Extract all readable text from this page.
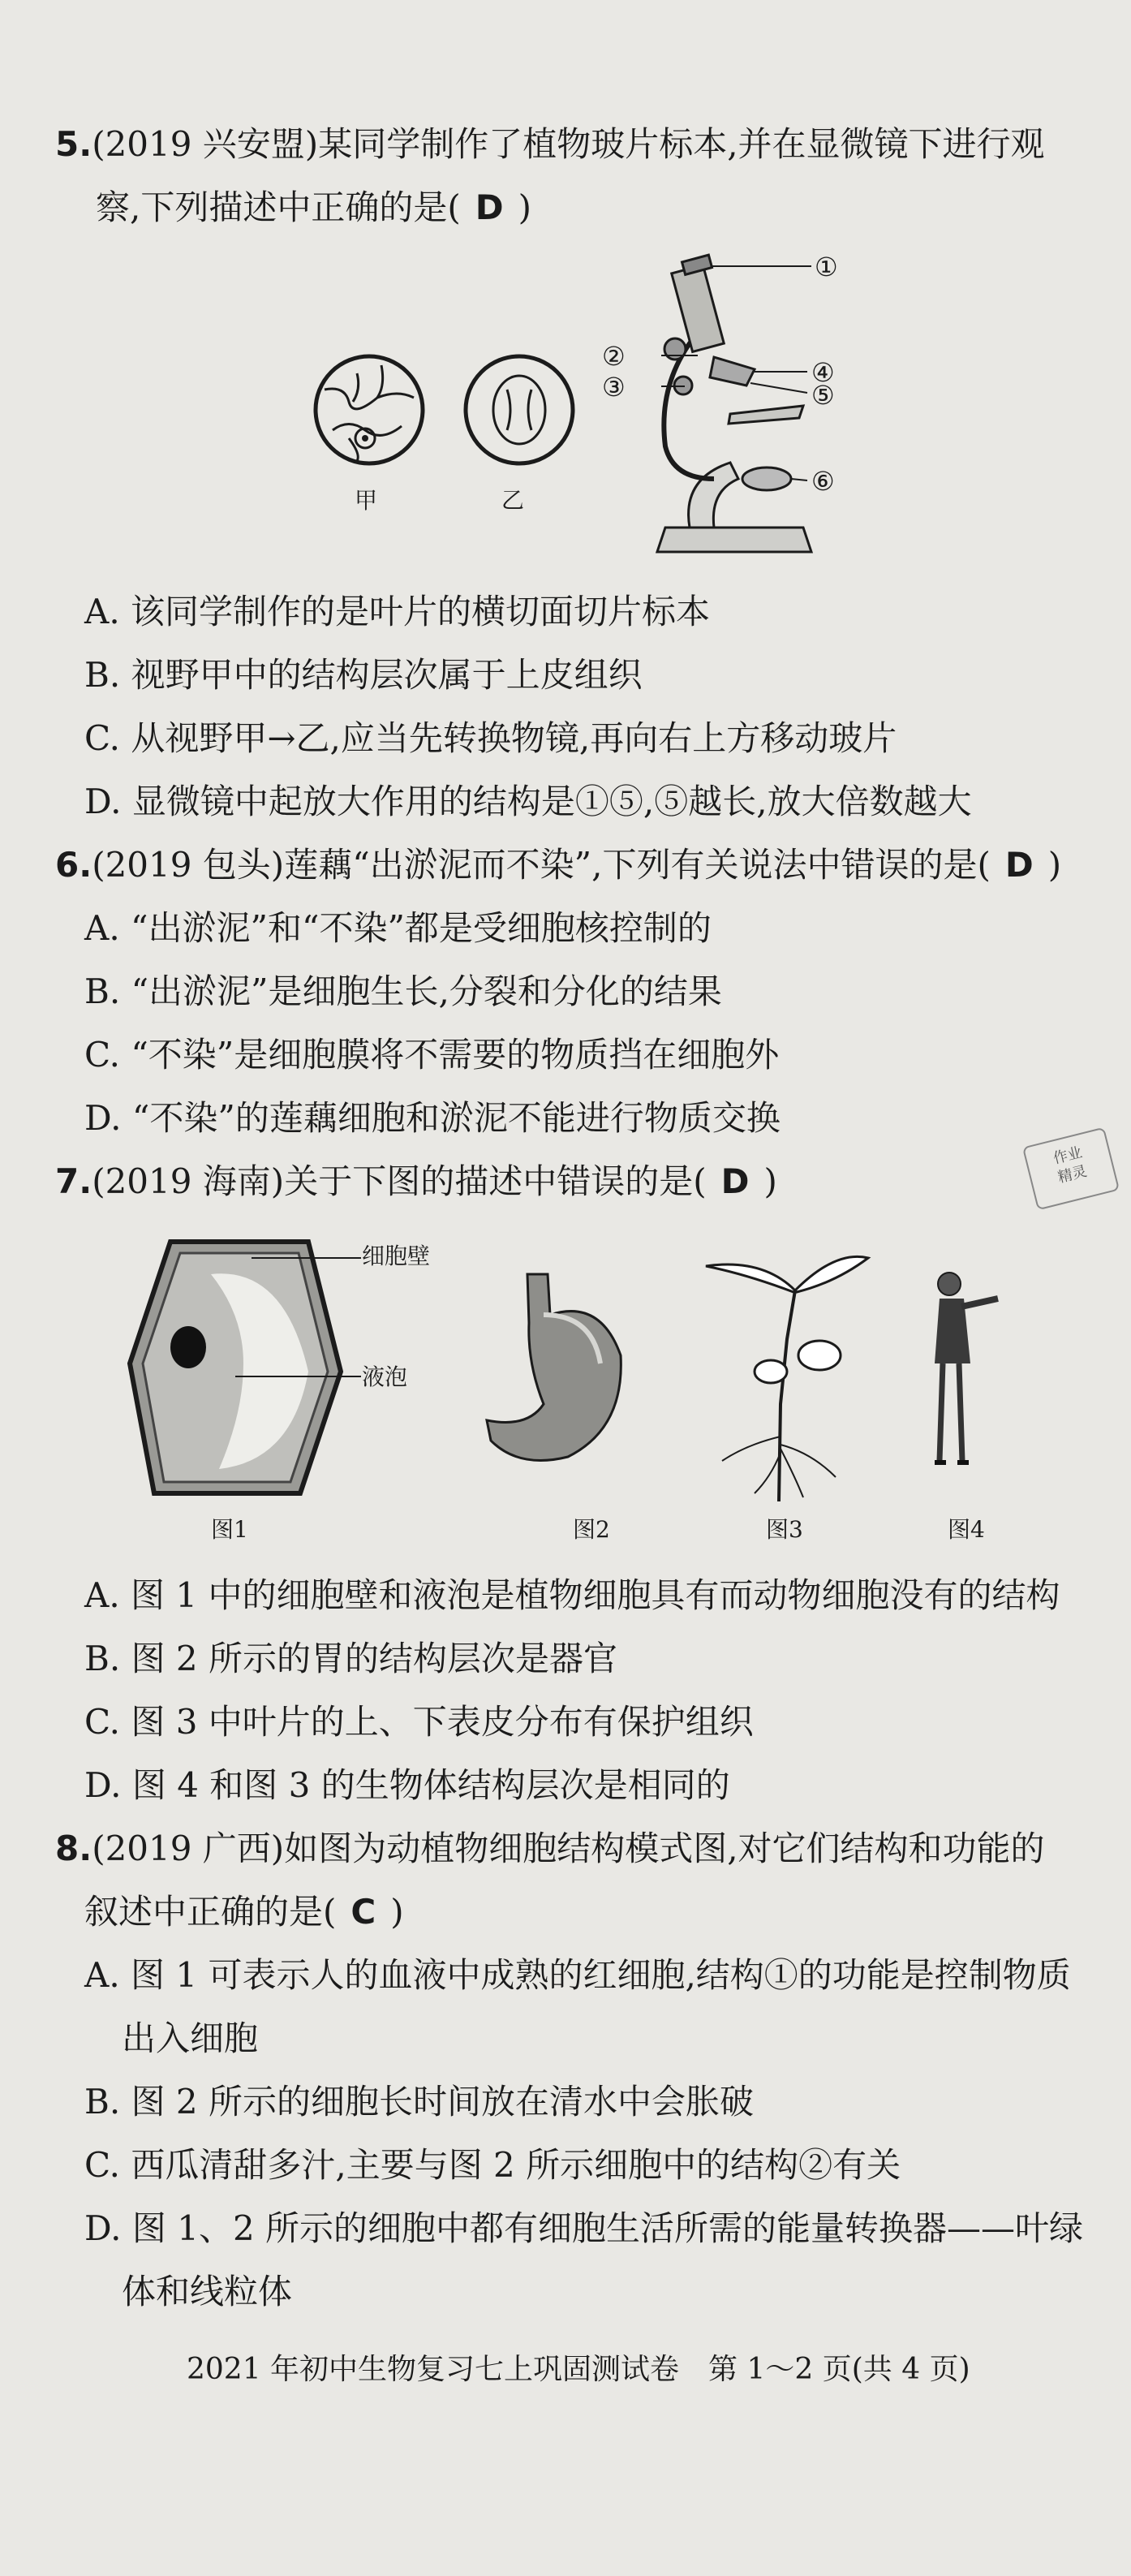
5.(2019 兴安盟)某同学制作了植物玻片标本,并在显微镜下进行观
察,下列描述中正确的是( D )
甲	乙
①
②
③	④
⑤
⑥
A. 该同学制作的是叶片的横切面切片标本
B. 视野甲中的结构层次属于上皮组织
C. 从视野甲→乙,应当先转换物镜,再向右上方移动玻片
D. 显微镜中起放大作用的结构是①⑤,⑤越长,放大倍数越大
6.(2019 包头)莲藕“出淤泥而不染”,下列有关说法中错误的是( D )
A. “出淤泥”和“不染”都是受细胞核控制的
B. “出淤泥”是细胞生长,分裂和分化的结果
C. “不染”是细胞膜将不需要的物质挡在细胞外
D. “不染”的莲藕细胞和淤泥不能进行物质交换
作业
精灵
7.(2019 海南)关于下图的描述中错误的是( D )
细胞壁
液泡
图1	图2	图3	图4
A. 图 1 中的细胞壁和液泡是植物细胞具有而动物细胞没有的结构
B. 图 2 所示的胃的结构层次是器官
C. 图 3 中叶片的上、下表皮分布有保护组织
D. 图 4 和图 3 的生物体结构层次是相同的
8.(2019 广西)如图为动植物细胞结构模式图,对它们结构和功能的
叙述中正确的是( C )
A. 图 1 可表示人的血液中成熟的红细胞,结构①的功能是控制物质
出入细胞
B. 图 2 所示的细胞长时间放在清水中会胀破
C. 西瓜清甜多汁,主要与图 2 所示细胞中的结构②有关
D. 图 1、2 所示的细胞中都有细胞生活所需的能量转换器——叶绿
体和线粒体
2021 年初中生物复习七上巩固测试卷　第 1～2 页(共 4 页)
